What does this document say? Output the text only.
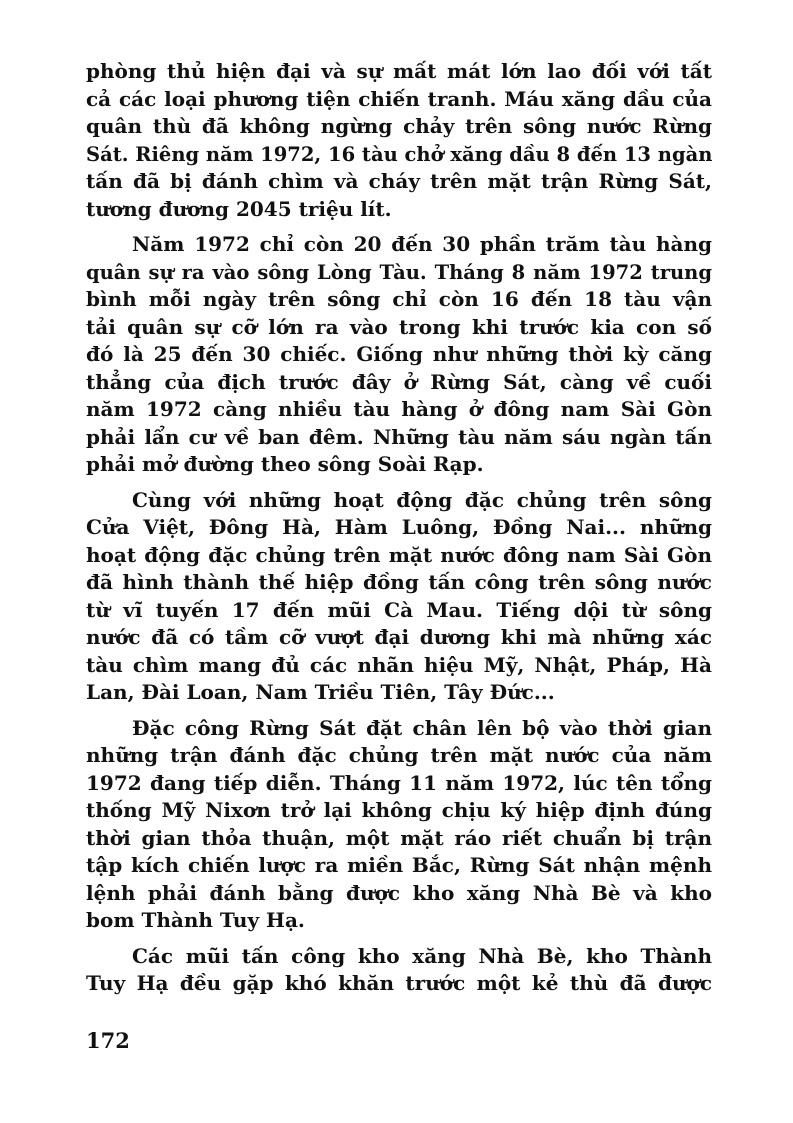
phòng thủ hiện đại và sự mất mát lớn lao đối với tất
cả các loại phương tiện chiến tranh. Máu xăng dầu của
quân thù đã không ngừng chảy trên sông nước Rừng
Sát. Riêng năm 1972, 16 tàu chở xăng dầu 8 đến 13 ngàn
tấn đã bị đánh chìm và cháy trên mặt trận Rừng Sát,
tương đương 2045 triệu lít.
Năm 1972 chỉ còn 20 đến 30 phần trăm tàu hàng
quân sự ra vào sông Lòng Tàu. Tháng 8 năm 1972 trung
bình mỗi ngày trên sông chỉ còn 16 đến 18 tàu vận
tải quân sự cỡ lớn ra vào trong khi trước kia con số
đó là 25 đến 30 chiếc. Giống như những thời kỳ căng
thẳng của địch trước đây ở Rừng Sát, càng về cuối
năm 1972 càng nhiều tàu hàng ở đông nam Sài Gòn
phải lẩn cư về ban đêm. Những tàu năm sáu ngàn tấn
phải mở đường theo sông Soài Rạp.
Cùng với những hoạt động đặc chủng trên sông
Cửa Việt, Đông Hà, Hàm Luông, Đồng Nai... những
hoạt động đặc chủng trên mặt nước đông nam Sài Gòn
đã hình thành thế hiệp đồng tấn công trên sông nước
từ vĩ tuyến 17 đến mũi Cà Mau. Tiếng dội từ sông
nước đã có tầm cỡ vượt đại dương khi mà những xác
tàu chìm mang đủ các nhãn hiệu Mỹ, Nhật, Pháp, Hà
Lan, Đài Loan, Nam Triều Tiên, Tây Đức...
Đặc công Rừng Sát đặt chân lên bộ vào thời gian
những trận đánh đặc chủng trên mặt nước của năm
1972 đang tiếp diễn. Tháng 11 năm 1972, lúc tên tổng
thống Mỹ Nixơn trở lại không chịu ký hiệp định đúng
thời gian thỏa thuận, một mặt ráo riết chuẩn bị trận
tập kích chiến lược ra miền Bắc, Rừng Sát nhận mệnh
lệnh phải đánh bằng được kho xăng Nhà Bè và kho
bom Thành Tuy Hạ.
Các mũi tấn công kho xăng Nhà Bè, kho Thành
Tuy Hạ đều gặp khó khăn trước một kẻ thù đã được
172
